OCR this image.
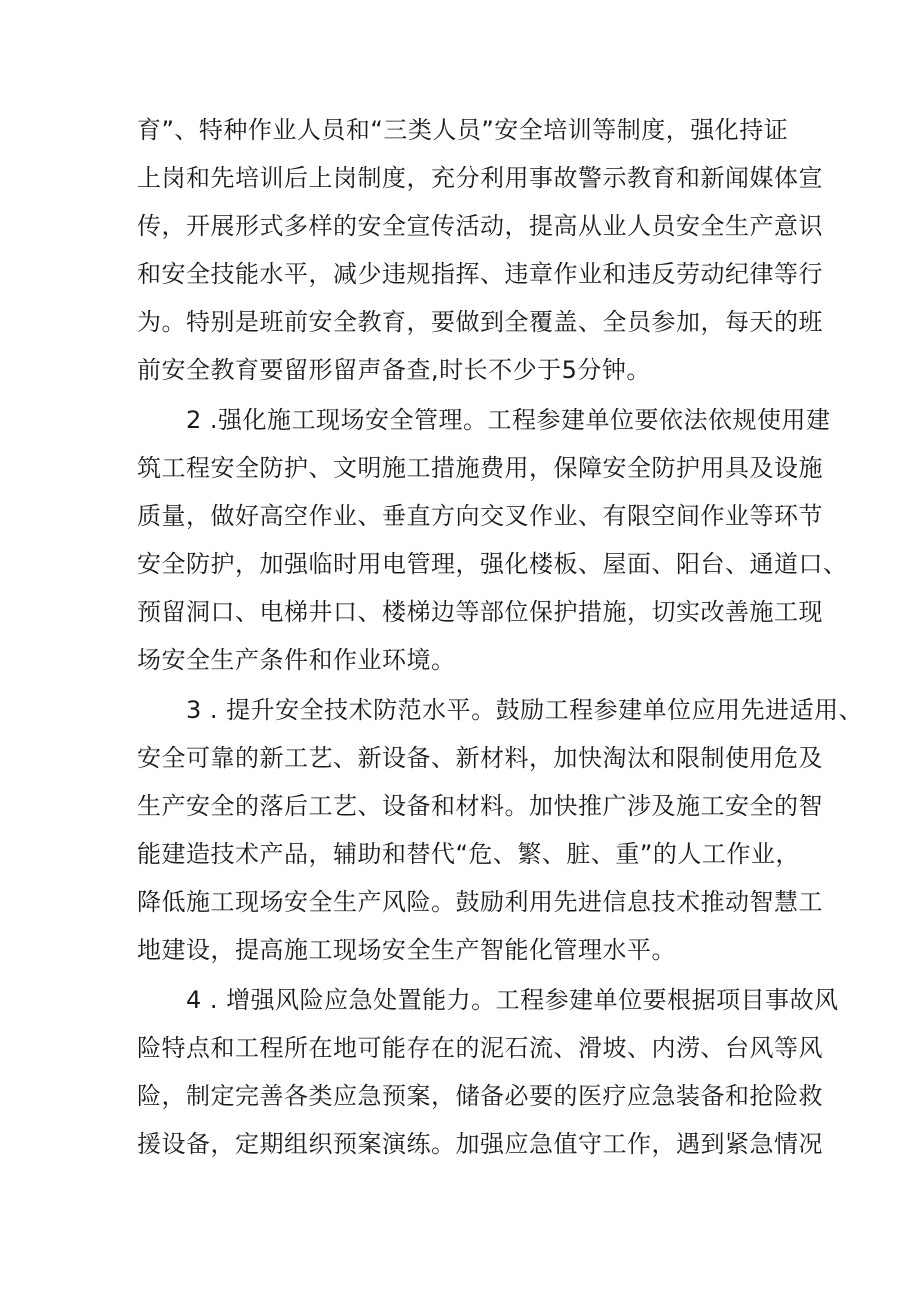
育”、特种作业人员和“三类人员”安全培训等制度，强化持证
上岗和先培训后上岗制度，充分利用事故警示教育和新闻媒体宣
传，开展形式多样的安全宣传活动，提高从业人员安全生产意识
和安全技能水平，减少违规指挥、违章作业和违反劳动纪律等行
为。特别是班前安全教育，要做到全覆盖、全员参加，每天的班
前安全教育要留形留声备查,时长不少于5分钟。
2 .强化施工现场安全管理。工程参建单位要依法依规使用建
筑工程安全防护、文明施工措施费用，保障安全防护用具及设施
质量，做好高空作业、垂直方向交叉作业、有限空间作业等环节
安全防护，加强临时用电管理，强化楼板、屋面、阳台、通道口、
预留洞口、电梯井口、楼梯边等部位保护措施，切实改善施工现
场安全生产条件和作业环境。
3 . 提升安全技术防范水平。鼓励工程参建单位应用先进适用、
安全可靠的新工艺、新设备、新材料，加快淘汰和限制使用危及
生产安全的落后工艺、设备和材料。加快推广涉及施工安全的智
能建造技术产品，辅助和替代“危、繁、脏、重”的人工作业，
降低施工现场安全生产风险。鼓励利用先进信息技术推动智慧工
地建设，提高施工现场安全生产智能化管理水平。
4 . 增强风险应急处置能力。工程参建单位要根据项目事故风
险特点和工程所在地可能存在的泥石流、滑坡、内涝、台风等风
险，制定完善各类应急预案，储备必要的医疗应急装备和抢险救
援设备，定期组织预案演练。加强应急值守工作，遇到紧急情况
